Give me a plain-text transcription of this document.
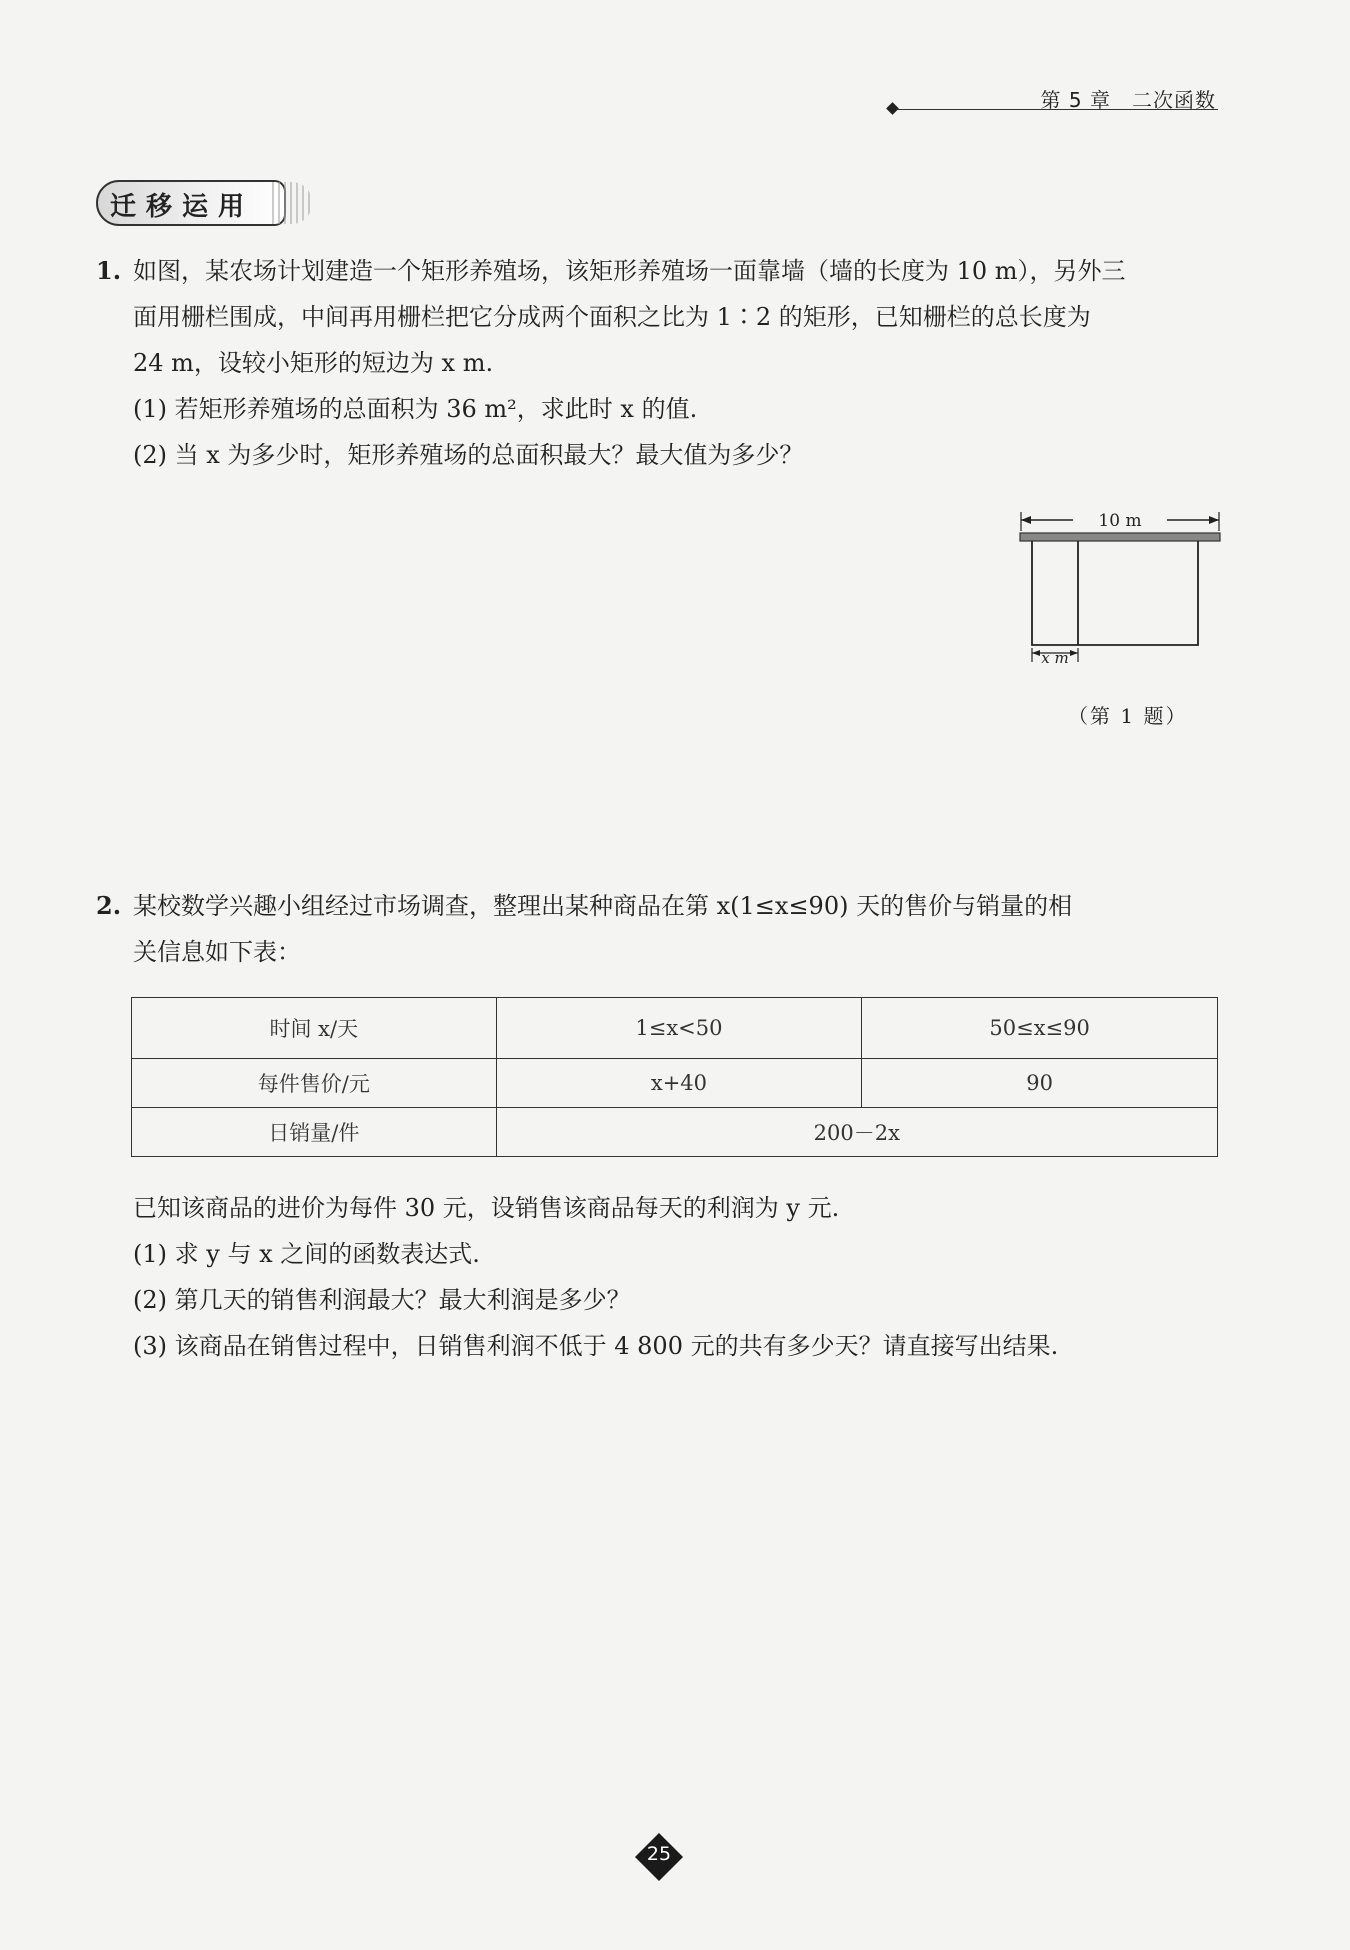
第 5 章　二次函数
迁移运用
1. 如图，某农场计划建造一个矩形养殖场，该矩形养殖场一面靠墙（墙的长度为 10 m），另外三
面用栅栏围成，中间再用栅栏把它分成两个面积之比为 1∶2 的矩形，已知栅栏的总长度为
24 m，设较小矩形的短边为 x m.
(1) 若矩形养殖场的总面积为 36 m²，求此时 x 的值.
(2) 当 x 为多少时，矩形养殖场的总面积最大？最大值为多少？
10 m
x m
（第 1 题）
2. 某校数学兴趣小组经过市场调查，整理出某种商品在第 x(1≤x≤90) 天的售价与销量的相
关信息如下表：
时间 x/天	1≤x<50	50≤x≤90
每件售价/元	x+40	90
日销量/件	200－2x	
已知该商品的进价为每件 30 元，设销售该商品每天的利润为 y 元.
(1) 求 y 与 x 之间的函数表达式.
(2) 第几天的销售利润最大？最大利润是多少？
(3) 该商品在销售过程中，日销售利润不低于 4 800 元的共有多少天？请直接写出结果.
25
